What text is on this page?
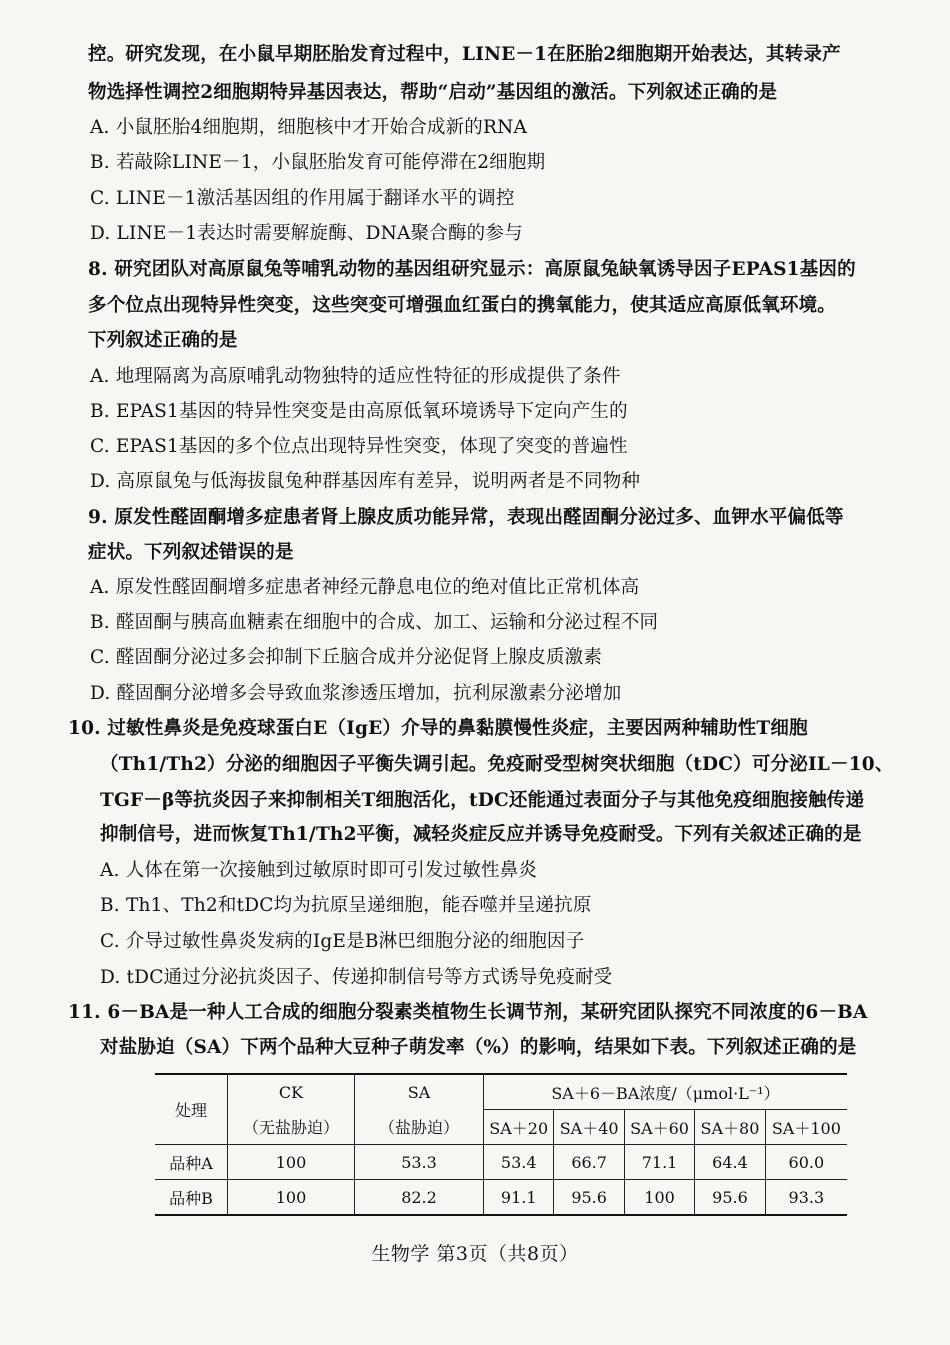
控。研究发现，在小鼠早期胚胎发育过程中，LINE－1在胚胎2细胞期开始表达，其转录产
物选择性调控2细胞期特异基因表达，帮助“启动”基因组的激活。下列叙述正确的是
A. 小鼠胚胎4细胞期，细胞核中才开始合成新的RNA
B. 若敲除LINE－1，小鼠胚胎发育可能停滞在2细胞期
C. LINE－1激活基因组的作用属于翻译水平的调控
D. LINE－1表达时需要解旋酶、DNA聚合酶的参与
8. 研究团队对高原鼠兔等哺乳动物的基因组研究显示：高原鼠兔缺氧诱导因子EPAS1基因的
多个位点出现特异性突变，这些突变可增强血红蛋白的携氧能力，使其适应高原低氧环境。
下列叙述正确的是
A. 地理隔离为高原哺乳动物独特的适应性特征的形成提供了条件
B. EPAS1基因的特异性突变是由高原低氧环境诱导下定向产生的
C. EPAS1基因的多个位点出现特异性突变，体现了突变的普遍性
D. 高原鼠兔与低海拔鼠兔种群基因库有差异，说明两者是不同物种
9. 原发性醛固酮增多症患者肾上腺皮质功能异常，表现出醛固酮分泌过多、血钾水平偏低等
症状。下列叙述错误的是
A. 原发性醛固酮增多症患者神经元静息电位的绝对值比正常机体高
B. 醛固酮与胰高血糖素在细胞中的合成、加工、运输和分泌过程不同
C. 醛固酮分泌过多会抑制下丘脑合成并分泌促肾上腺皮质激素
D. 醛固酮分泌增多会导致血浆渗透压增加，抗利尿激素分泌增加
10. 过敏性鼻炎是免疫球蛋白E（IgE）介导的鼻黏膜慢性炎症，主要因两种辅助性T细胞
（Th1/Th2）分泌的细胞因子平衡失调引起。免疫耐受型树突状细胞（tDC）可分泌IL－10、
TGF－β等抗炎因子来抑制相关T细胞活化，tDC还能通过表面分子与其他免疫细胞接触传递
抑制信号，进而恢复Th1/Th2平衡，减轻炎症反应并诱导免疫耐受。下列有关叙述正确的是
A. 人体在第一次接触到过敏原时即可引发过敏性鼻炎
B. Th1、Th2和tDC均为抗原呈递细胞，能吞噬并呈递抗原
C. 介导过敏性鼻炎发病的IgE是B淋巴细胞分泌的细胞因子
D. tDC通过分泌抗炎因子、传递抑制信号等方式诱导免疫耐受
11. 6－BA是一种人工合成的细胞分裂素类植物生长调节剂，某研究团队探究不同浓度的6－BA
对盐胁迫（SA）下两个品种大豆种子萌发率（%）的影响，结果如下表。下列叙述正确的是
处理	CK	SA	SA＋6－BA浓度/（μmol·L⁻¹）				
	（无盐胁迫）	（盐胁迫）	SA＋20	SA＋40	SA＋60	SA＋80	SA＋100
品种A	100	53.3	53.4	66.7	71.1	64.4	60.0
品种B	100	82.2	91.1	95.6	100	95.6	93.3
生物学 第3页（共8页）
